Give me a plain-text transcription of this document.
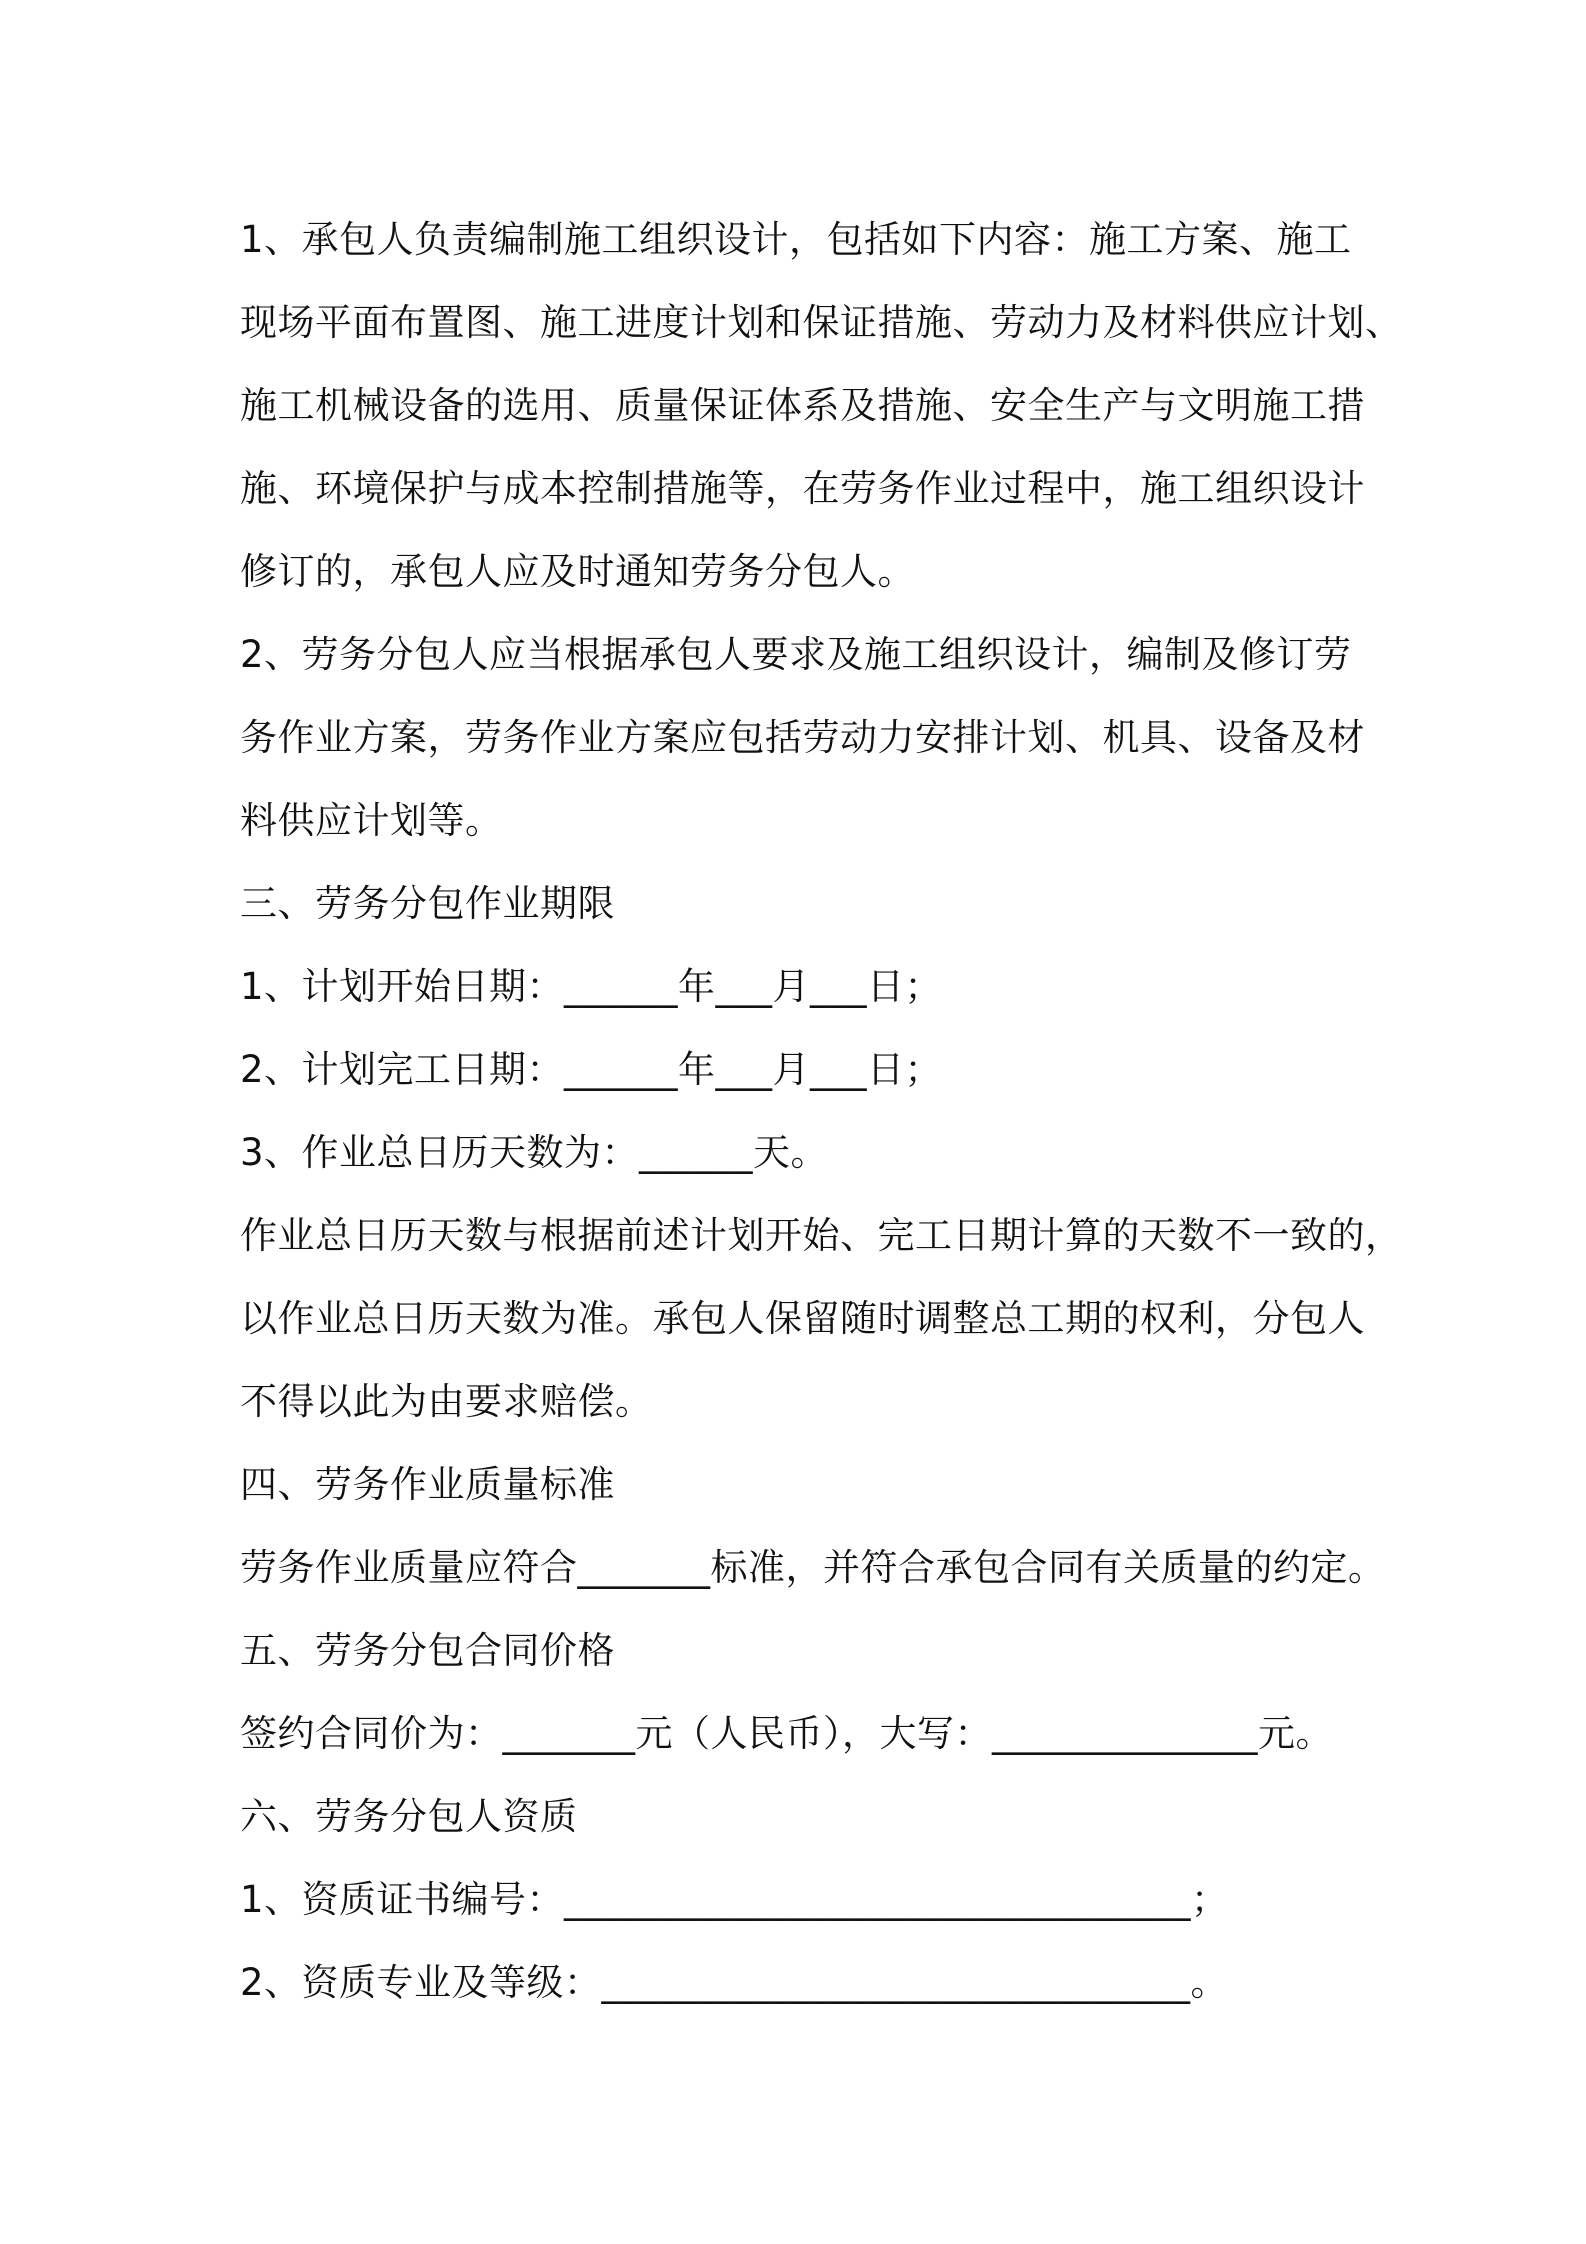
1、承包人负责编制施工组织设计，包括如下内容：施工方案、施工
现场平面布置图、施工进度计划和保证措施、劳动力及材料供应计划、
施工机械设备的选用、质量保证体系及措施、安全生产与文明施工措
施、环境保护与成本控制措施等，在劳务作业过程中，施工组织设计
修订的，承包人应及时通知劳务分包人。
2、劳务分包人应当根据承包人要求及施工组织设计，编制及修订劳
务作业方案，劳务作业方案应包括劳动力安排计划、机具、设备及材
料供应计划等。
三、劳务分包作业期限
1、计划开始日期：______年___月___日；
2、计划完工日期：______年___月___日；
3、作业总日历天数为：______天。
作业总日历天数与根据前述计划开始、完工日期计算的天数不一致的，
以作业总日历天数为准。承包人保留随时调整总工期的权利，分包人
不得以此为由要求赔偿。
四、劳务作业质量标准
劳务作业质量应符合_______标准，并符合承包合同有关质量的约定。
五、劳务分包合同价格
签约合同价为：_______元（人民币），大写：______________元。
六、劳务分包人资质
1、资质证书编号：_________________________________；
2、资质专业及等级：_______________________________。
